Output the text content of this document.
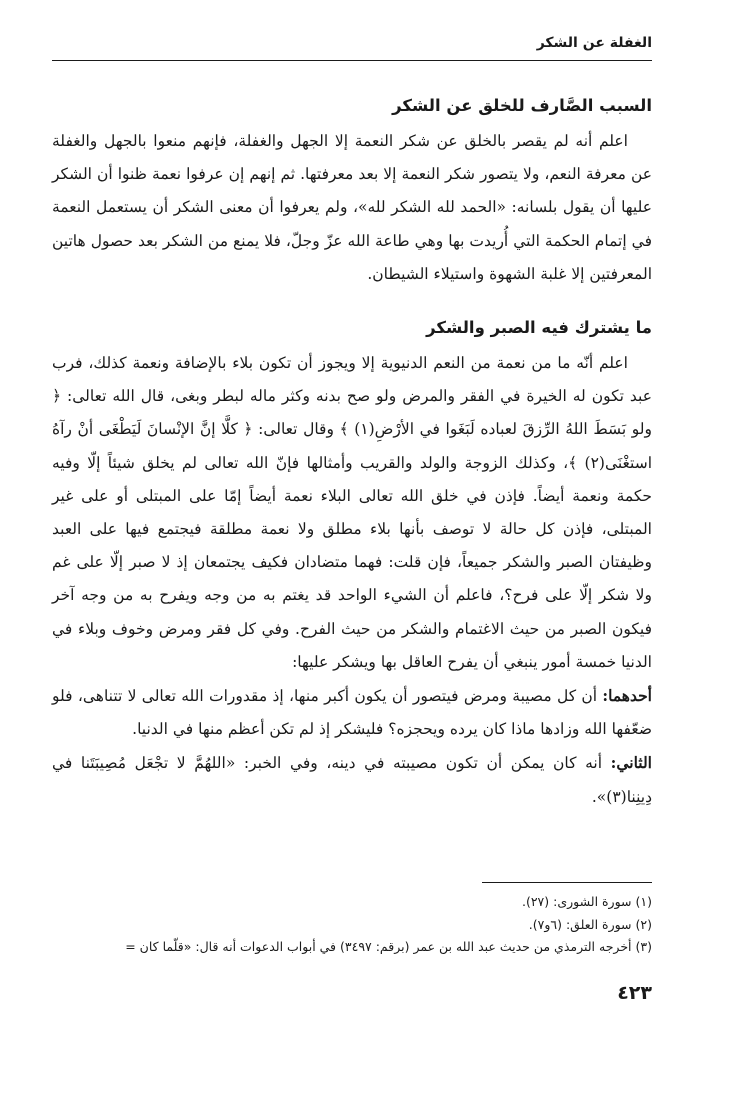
الغفلة عن الشكر
السبب الصَّارف للخلق عن الشكر

اعلم أنه لم يقصر بالخلق عن شكر النعمة إلا الجهل والغفلة، فإنهم منعوا بالجهل والغفلة عن معرفة النعم، ولا يتصور شكر النعمة إلا بعد معرفتها. ثم إنهم إن عرفوا نعمة ظنوا أن الشكر عليها أن يقول بلسانه: «الحمد لله الشكر لله»، ولم يعرفوا أن معنى الشكر أن يستعمل النعمة في إتمام الحكمة التي أُريدت بها وهي طاعة الله عزّ وجلّ، فلا يمنع من الشكر بعد حصول هاتين المعرفتين إلا غلبة الشهوة واستيلاء الشيطان.

ما يشترك فيه الصبر والشكر

اعلم أنّه ما من نعمة من النعم الدنيوية إلا ويجوز أن تكون بلاء بالإضافة ونعمة كذلك، فرب عبد تكون له الخيرة في الفقر والمرض ولو صح بدنه وكثر ماله لبطر وبغى، قال الله تعالى: ﴿ ولو بَسَطَ اللهُ الرِّزقَ لعباده لَبَغَوا في الأرْضِ(١) ﴾ وقال تعالى: ﴿ كلَّا إنَّ الإنْسانَ لَيَطْغَى أنْ رآهُ استغْنَى(٢) ﴾، وكذلك الزوجة والولد والقريب وأمثالها فإنّ الله تعالى لم يخلق شيئاً إلّا وفيه حكمة ونعمة أيضاً. فإذن في خلق الله تعالى البلاء نعمة أيضاً إمّا على المبتلى أو على غير المبتلى، فإذن كل حالة لا توصف بأنها بلاء مطلق ولا نعمة مطلقة فيجتمع فيها على العبد وظيفتان الصبر والشكر جميعاً، فإن قلت: فهما متضادان فكيف يجتمعان إذ لا صبر إلّا على غم ولا شكر إلّا على فرح؟، فاعلم أن الشيء الواحد قد يغتم به من وجه ويفرح به من وجه آخر فيكون الصبر من حيث الاغتمام والشكر من حيث الفرح. وفي كل فقر ومرض وخوف وبلاء في الدنيا خمسة أمور ينبغي أن يفرح العاقل بها ويشكر عليها:

أحدهما: أن كل مصيبة ومرض فيتصور أن يكون أكبر منها، إذ مقدورات الله تعالى لا تتناهى، فلو ضعّفها الله وزادها ماذا كان يرده ويحجزه؟ فليشكر إذ لم تكن أعظم منها في الدنيا.

الثاني: أنه كان يمكن أن تكون مصيبته في دينه، وفي الخبر: «اللهُمَّ لا تجْعَل مُصِيبَتَنا في دِينِنا(٣)».

(١) سورة الشورى: (٢٧).
(٢) سورة العلق: (٦و٧).
(٣) أخرجه الترمذي من حديث عبد الله بن عمر (برقم: ٣٤٩٧) في أبواب الدعوات أنه قال: «قلّما كان =
٤٢٣
